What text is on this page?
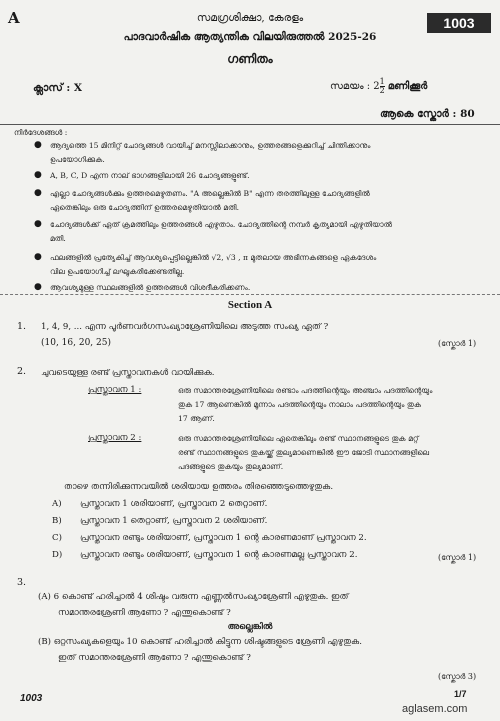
A	1003
സമഗ്രശിക്ഷാ, കേരളം
പാദവാർഷിക ആത്യന്തിക വിലയിരുത്തൽ 2025-26
ഗണിതം
ക്ലാസ് : X	സമയം : $2 \frac{1}{2}$ മണിക്കൂർ
ആകെ സ്കോർ : 80
നിർദേശങ്ങൾ :
● ആദ്യത്തെ 15 മിനിറ്റ് ചോദ്യങ്ങൾ വായിച്ച് മനസ്സിലാക്കാനും, ഉത്തരങ്ങളെക്കുറിച്ച് ചിന്തിക്കാനും
ഉപയോഗിക്കുക.
● A, B, C, D എന്ന നാല് ഭാഗങ്ങളിലായി 26 ചോദ്യങ്ങളുണ്ട്.
● എല്ലാ ചോദ്യങ്ങൾക്കും ഉത്തരമെഴുതണം. "A അല്ലെങ്കിൽ B" എന്ന തരത്തിലുള്ള ചോദ്യങ്ങളിൽ
ഏതെങ്കിലും ഒരു ചോദ്യത്തിന് ഉത്തരമെഴുതിയാൽ മതി.
● ചോദ്യങ്ങൾക്ക് ഏത് ക്രമത്തിലും ഉത്തരങ്ങൾ എഴുതാം. ചോദ്യത്തിന്റെ നമ്പർ കൃത്യമായി എഴുതിയാൽ
മതി.
● ഫലങ്ങളിൽ പ്രത്യേകിച്ച് ആവശ്യപ്പെട്ടില്ലെങ്കിൽ √2, √3 , π മുതലായ അഭിന്നകങ്ങളെ ഏകദേശം
വില ഉപയോഗിച്ച് ലഘൂകരിക്കേണ്ടതില്ല.
● ആവശ്യമുള്ള സ്ഥലങ്ങളിൽ ഉത്തരങ്ങൾ വിശദീകരിക്കണം.
Section A
1. 1, 4, 9, ... എന്ന പൂർണവർഗസംഖ്യാശ്രേണിയിലെ അടുത്ത സംഖ്യ ഏത് ?
(10, 16, 20, 25)	(സ്കോർ 1)
2. ചുവടെയുള്ള രണ്ട് പ്രസ്താവനകൾ വായിക്കുക.
പ്രസ്താവന 1 :	ഒരു സമാന്തരശ്രേണിയിലെ രണ്ടാം പദത്തിന്റെയും അഞ്ചാം പദത്തിന്റെയും
തുക 17 ആണെങ്കിൽ മൂന്നാം പദത്തിന്റെയും നാലാം പദത്തിന്റെയും തുക
17 ആണ്.
പ്രസ്താവന 2 :	ഒരു സമാന്തരശ്രേണിയിലെ ഏതെങ്കിലും രണ്ട് സ്ഥാനങ്ങളുടെ തുക മറ്റ്
രണ്ട് സ്ഥാനങ്ങളുടെ തുകയ്ക്ക് തുല്യമാണെങ്കിൽ ഈ ജോടി സ്ഥാനങ്ങളിലെ
പദങ്ങളുടെ തുകയും തുല്യമാണ്.
താഴെ തന്നിരിക്കുന്നവയിൽ ശരിയായ ഉത്തരം തിരഞ്ഞെടുത്തെഴുതുക.
A) പ്രസ്താവന 1 ശരിയാണ്, പ്രസ്താവന 2 തെറ്റാണ്.
B) പ്രസ്താവന 1 തെറ്റാണ്, പ്രസ്താവന 2 ശരിയാണ്.
C) പ്രസ്താവന രണ്ടും ശരിയാണ്, പ്രസ്താവന 1 ന്റെ കാരണമാണ് പ്രസ്താവന 2.
D) പ്രസ്താവന രണ്ടും ശരിയാണ്, പ്രസ്താവന 1 ന്റെ കാരണമല്ല പ്രസ്താവന 2.	(സ്കോർ 1)
3.
(A) 6 കൊണ്ട് ഹരിച്ചാൽ 4 ശിഷ്ടം വരുന്ന എണ്ണൽസംഖ്യാശ്രേണി എഴുതുക. ഇത്
സമാന്തരശ്രേണി ആണോ ? എന്തുകൊണ്ട് ?
അല്ലെങ്കിൽ
(B) ഒറ്റസംഖ്യകളെയും 10 കൊണ്ട് ഹരിച്ചാൽ കിട്ടുന്ന ശിഷ്ടങ്ങളുടെ ശ്രേണി എഴുതുക.
ഇത് സമാന്തരശ്രേണി ആണോ ? എന്തുകൊണ്ട് ?
(സ്കോർ 3)
1003	1/7
aglasem.com
